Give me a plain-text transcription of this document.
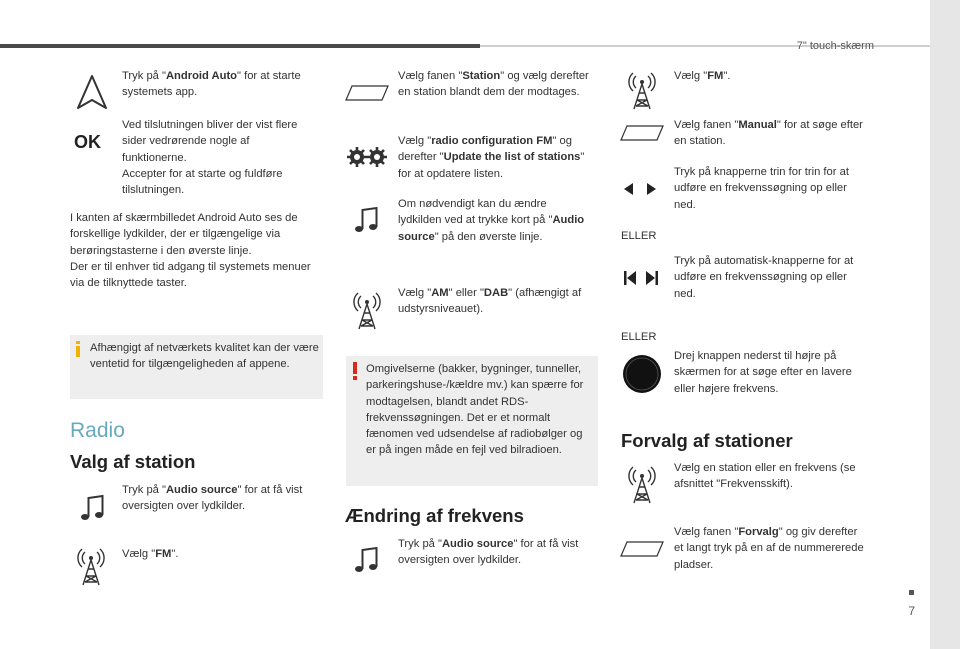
7" touch-skærm
7
Tryk på "Android Auto" for at starte systemets app.
OK
Ved tilslutningen bliver der vist flere sider vedrørende nogle af funktionerne.
Accepter for at starte og fuldføre tilslutningen.
I kanten af skærmbilledet Android Auto ses de forskellige lydkilder, der er tilgængelige via berøringstasterne i den øverste linje.
Der er til enhver tid adgang til systemets menuer via de tilknyttede taster.
Afhængigt af netværkets kvalitet kan der være ventetid for tilgængeligheden af appene.
Radio
Valg af station
Tryk på "Audio source" for at få vist oversigten over lydkilder.
Vælg "FM".
Vælg fanen "Station" og vælg derefter en station blandt dem der modtages.
Vælg "radio configuration FM" og derefter "Update the list of stations" for at opdatere listen.
Om nødvendigt kan du ændre lydkilden ved at trykke kort på "Audio source" på den øverste linje.
Vælg "AM" eller "DAB" (afhængigt af udstyrsniveauet).
Omgivelserne (bakker, bygninger, tunneller, parkeringshuse-/kældre mv.) kan spærre for modtagelsen, blandt andet RDS-frekvenssøgningen. Det er et normalt fænomen ved udsendelse af radiobølger og er på ingen måde en fejl ved bilradioen.
Ændring af frekvens
Tryk på "Audio source" for at få vist oversigten over lydkilder.
Vælg "FM".
Vælg fanen "Manual" for at søge efter en station.
Tryk på knapperne trin for trin for at udføre en frekvenssøgning op eller ned.
ELLER
Tryk på automatisk-knapperne for at udføre en frekvenssøgning op eller ned.
ELLER
Drej knappen nederst til højre på skærmen for at søge efter en lavere eller højere frekvens.
Forvalg af stationer
Vælg en station eller en frekvens (se afsnittet "Frekvensskift).
Vælg fanen "Forvalg" og giv derefter et langt tryk på en af de nummererede pladser.
